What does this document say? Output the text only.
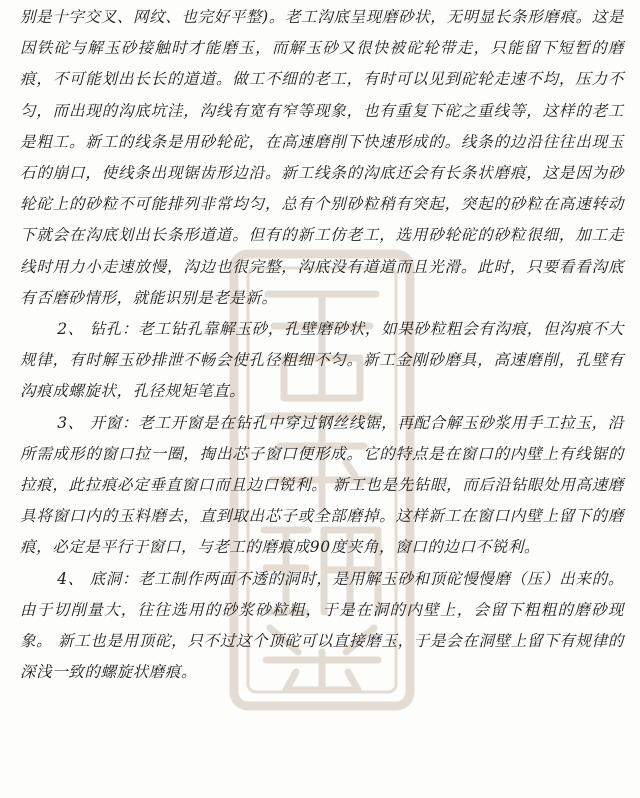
别是十字交叉、网纹、也完好平整)。老工沟底呈现磨砂状，无明显长条形磨痕。这是因铁砣与解玉砂接触时才能磨玉，而解玉砂又很快被砣轮带走，只能留下短暂的磨痕，不可能划出长长的道道。做工不细的老工，有时可以见到砣轮走速不均，压力不匀，而出现的沟底坑洼，沟线有宽有窄等现象，也有重复下砣之重线等，这样的老工是粗工。新工的线条是用砂轮砣，在高速磨削下快速形成的。线条的边沿往往出现玉石的崩口，使线条出现锯齿形边沿。新工线条的沟底还会有长条状磨痕，这是因为砂轮砣上的砂粒不可能排列非常均匀，总有个别砂粒稍有突起，突起的砂粒在高速转动下就会在沟底划出长条形道道。但有的新工仿老工，选用砂轮砣的砂粒很细，加工走线时用力小走速放慢，沟边也很完整，沟底没有道道而且光滑。此时，只要看看沟底有否磨砂情形，就能识别是老是新。

2、 钻孔：老工钻孔靠解玉砂，孔壁磨砂状，如果砂粒粗会有沟痕，但沟痕不大规律，有时解玉砂排泄不畅会使孔径粗细不匀。新工金刚砂磨具，高速磨削，孔壁有沟痕成螺旋状，孔径规矩笔直。

3、 开窗：老工开窗是在钻孔中穿过钢丝线锯，再配合解玉砂浆用手工拉玉，沿所需成形的窗口拉一圈，掏出芯子窗口便形成。它的特点是在窗口的内壁上有线锯的拉痕，此拉痕必定垂直窗口而且边口锐利。 新工也是先钻眼，而后沿钻眼处用高速磨具将窗口内的玉料磨去，直到取出芯子或全部磨掉。这样新工在窗口内壁上留下的磨痕，必定是平行于窗口，与老工的磨痕成90度夹角，窗口的边口不锐利。

4、 底洞：老工制作两面不透的洞时，是用解玉砂和顶砣慢慢磨（压）出来的。由于切削量大，往往选用的砂浆砂粒粗，于是在洞的内壁上，会留下粗粗的磨砂现象。 新工也是用顶砣，只不过这个顶砣可以直接磨玉，于是会在洞壁上留下有规律的深浅一致的螺旋状磨痕。
